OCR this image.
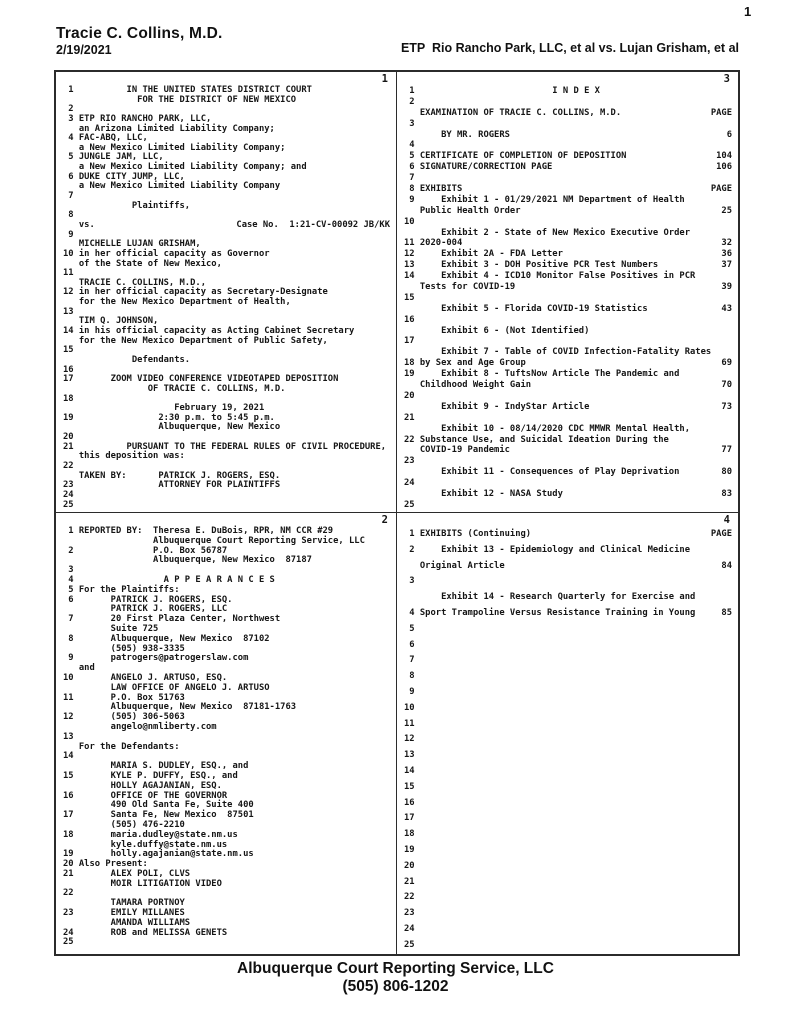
1
Tracie C. Collins, M.D.
2/19/2021	ETP  Rio Rancho Park, LLC, et al vs. Lujan Grisham, et al
1
1          IN THE UNITED STATES DISTRICT COURT
FOR THE DISTRICT OF NEW MEXICO
2
3 ETP RIO RANCHO PARK, LLC,
an Arizona Limited Liability Company;
4 FAC-ABQ, LLC,
a New Mexico Limited Liability Company;
5 JUNGLE JAM, LLC,
a New Mexico Limited Liability Company; and
6 DUKE CITY JUMP, LLC,
a New Mexico Limited Liability Company
7
Plaintiffs,
8
vs.	Case No.  1:21-CV-00092 JB/KK
9
MICHELLE LUJAN GRISHAM,
10 in her official capacity as Governor
of the State of New Mexico,
11
TRACIE C. COLLINS, M.D.,
12 in her official capacity as Secretary-Designate
for the New Mexico Department of Health,
13
TIM Q. JOHNSON,
14 in his official capacity as Acting Cabinet Secretary
for the New Mexico Department of Public Safety,
15
Defendants.
16
17       ZOOM VIDEO CONFERENCE VIDEOTAPED DEPOSITION
OF TRACIE C. COLLINS, M.D.
18
February 19, 2021
19                2:30 p.m. to 5:45 p.m.
Albuquerque, New Mexico
20
21          PURSUANT TO THE FEDERAL RULES OF CIVIL PROCEDURE,
this deposition was:
22
TAKEN BY:      PATRICK J. ROGERS, ESQ.
23                ATTORNEY FOR PLAINTIFFS
24
25
3
1                          I N D E X
2
EXAMINATION OF TRACIE C. COLLINS, M.D.	PAGE
3
BY MR. ROGERS	6
4
5 CERTIFICATE OF COMPLETION OF DEPOSITION	104
6 SIGNATURE/CORRECTION PAGE	106
7
8 EXHIBITS	PAGE
9     Exhibit 1 - 01/29/2021 NM Department of Health
Public Health Order	25
10
Exhibit 2 - State of New Mexico Executive Order
11 2020-004	32
12     Exhibit 2A - FDA Letter	36
13     Exhibit 3 - DOH Positive PCR Test Numbers	37
14     Exhibit 4 - ICD10 Monitor False Positives in PCR
Tests for COVID-19	39
15
Exhibit 5 - Florida COVID-19 Statistics	43
16
Exhibit 6 - (Not Identified)
17
Exhibit 7 - Table of COVID Infection-Fatality Rates
18 by Sex and Age Group	69
19     Exhibit 8 - TuftsNow Article The Pandemic and
Childhood Weight Gain	70
20
Exhibit 9 - IndyStar Article	73
21
Exhibit 10 - 08/14/2020 CDC MMWR Mental Health,
22 Substance Use, and Suicidal Ideation During the
COVID-19 Pandemic	77
23
Exhibit 11 - Consequences of Play Deprivation	80
24
Exhibit 12 - NASA Study	83
25
2
1 REPORTED BY:  Theresa E. DuBois, RPR, NM CCR #29
Albuquerque Court Reporting Service, LLC
2               P.O. Box 56787
Albuquerque, New Mexico  87187
3
4                 A P P E A R A N C E S
5 For the Plaintiffs:
6       PATRICK J. ROGERS, ESQ.
PATRICK J. ROGERS, LLC
7       20 First Plaza Center, Northwest
Suite 725
8       Albuquerque, New Mexico  87102
(505) 938-3335
9       patrogers@patrogerslaw.com
and
10       ANGELO J. ARTUSO, ESQ.
LAW OFFICE OF ANGELO J. ARTUSO
11       P.O. Box 51763
Albuquerque, New Mexico  87181-1763
12       (505) 306-5063
angelo@nmliberty.com
13
For the Defendants:
14
MARIA S. DUDLEY, ESQ., and
15       KYLE P. DUFFY, ESQ., and
HOLLY AGAJANIAN, ESQ.
16       OFFICE OF THE GOVERNOR
490 Old Santa Fe, Suite 400
17       Santa Fe, New Mexico  87501
(505) 476-2210
18       maria.dudley@state.nm.us
kyle.duffy@state.nm.us
19       holly.agajanian@state.nm.us
20 Also Present:
21       ALEX POLI, CLVS
MOIR LITIGATION VIDEO
22
TAMARA PORTNOY
23       EMILY MILLANES
AMANDA WILLIAMS
24       ROB and MELISSA GENETS
25
4
1 EXHIBITS (Continuing)	PAGE
2     Exhibit 13 - Epidemiology and Clinical Medicine
Original Article	84
3
Exhibit 14 - Research Quarterly for Exercise and
4 Sport Trampoline Versus Resistance Training in Young	85
5
6
7
8
9
10
11
12
13
14
15
16
17
18
19
20
21
22
23
24
25
Albuquerque Court Reporting Service, LLC
(505) 806-1202
